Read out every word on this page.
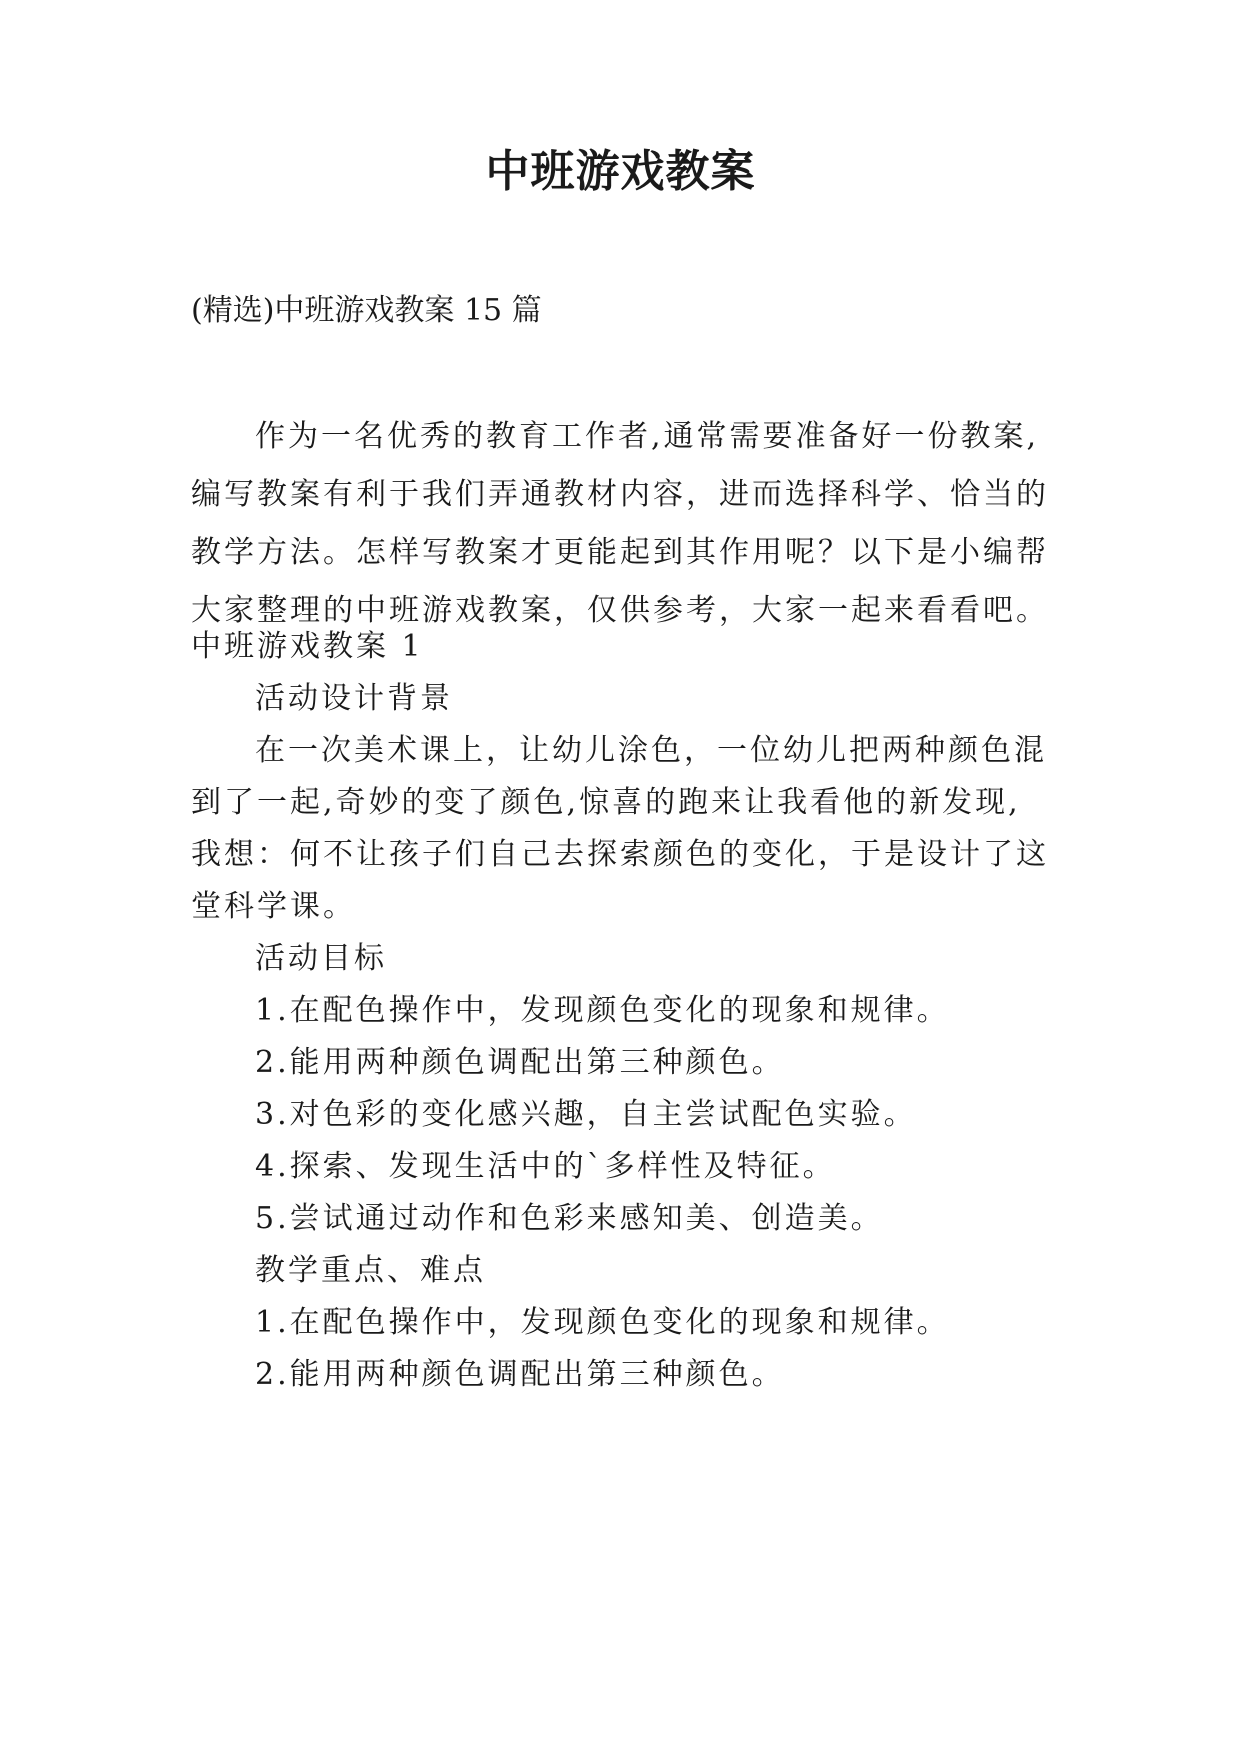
中班游戏教案
(精选)中班游戏教案 15 篇

作为一名优秀的教育工作者,通常需要准备好一份教案,

编写教案有利于我们弄通教材内容，进而选择科学、恰当的

教学方法。怎样写教案才更能起到其作用呢？以下是小编帮

大家整理的中班游戏教案，仅供参考，大家一起来看看吧。

中班游戏教案 1
活动设计背景
在一次美术课上，让幼儿涂色，一位幼儿把两种颜色混
到了一起,奇妙的变了颜色,惊喜的跑来让我看他的新发现,
我想：何不让孩子们自己去探索颜色的变化，于是设计了这
堂科学课。
活动目标
1.在配色操作中，发现颜色变化的现象和规律。
2.能用两种颜色调配出第三种颜色。
3.对色彩的变化感兴趣，自主尝试配色实验。
4.探索、发现生活中的`多样性及特征。
5.尝试通过动作和色彩来感知美、创造美。
教学重点、难点
1.在配色操作中，发现颜色变化的现象和规律。
2.能用两种颜色调配出第三种颜色。
